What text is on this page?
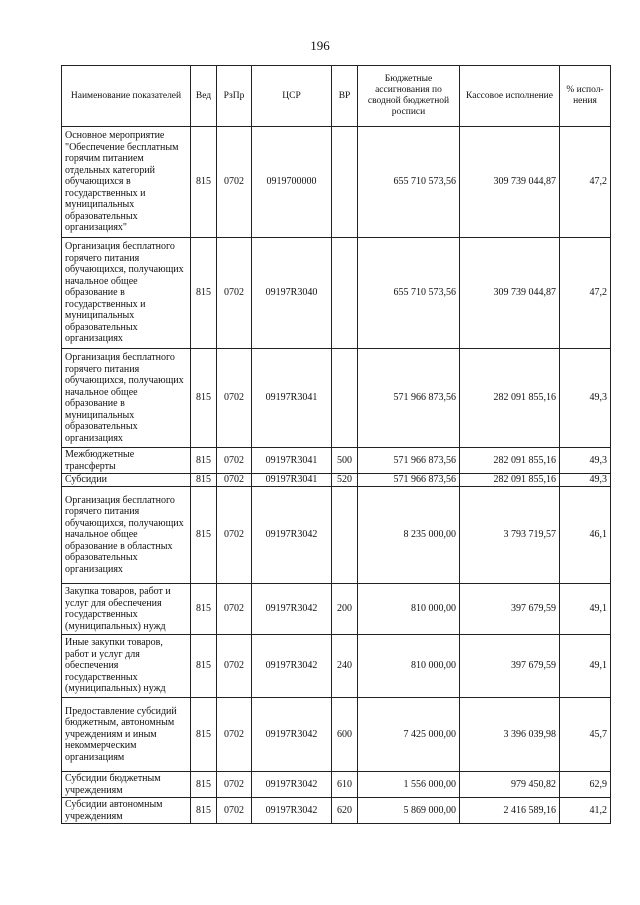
196
Наименование показателей	Вед	РзПр	ЦСР	ВР	Бюджетные ассигнования по сводной бюджетной росписи	Кассовое исполнение	% испол-нения
Основное мероприятие "Обеспечение бесплатным горячим питанием отдельных категорий обучающихся в государственных и муниципальных образовательных организациях"	815	0702	0919700000		655 710 573,56	309 739 044,87	47,2
Организация бесплатного горячего питания обучающихся, получающих начальное общее образование в государственных и муниципальных образовательных организациях	815	0702	09197R3040		655 710 573,56	309 739 044,87	47,2
Организация бесплатного горячего питания обучающихся, получающих начальное общее образование в муниципальных образовательных организациях	815	0702	09197R3041		571 966 873,56	282 091 855,16	49,3
Межбюджетные трансферты	815	0702	09197R3041	500	571 966 873,56	282 091 855,16	49,3
Субсидии	815	0702	09197R3041	520	571 966 873,56	282 091 855,16	49,3
Организация бесплатного горячего питания обучающихся, получающих начальное общее образование в областных образовательных организациях	815	0702	09197R3042		8 235 000,00	3 793 719,57	46,1
Закупка товаров, работ и услуг для обеспечения государственных (муниципальных) нужд	815	0702	09197R3042	200	810 000,00	397 679,59	49,1
Иные закупки товаров, работ и услуг для обеспечения государственных (муниципальных) нужд	815	0702	09197R3042	240	810 000,00	397 679,59	49,1
Предоставление субсидий бюджетным, автономным учреждениям и иным некоммерческим организациям	815	0702	09197R3042	600	7 425 000,00	3 396 039,98	45,7
Субсидии бюджетным учреждениям	815	0702	09197R3042	610	1 556 000,00	979 450,82	62,9
Субсидии автономным учреждениям	815	0702	09197R3042	620	5 869 000,00	2 416 589,16	41,2
